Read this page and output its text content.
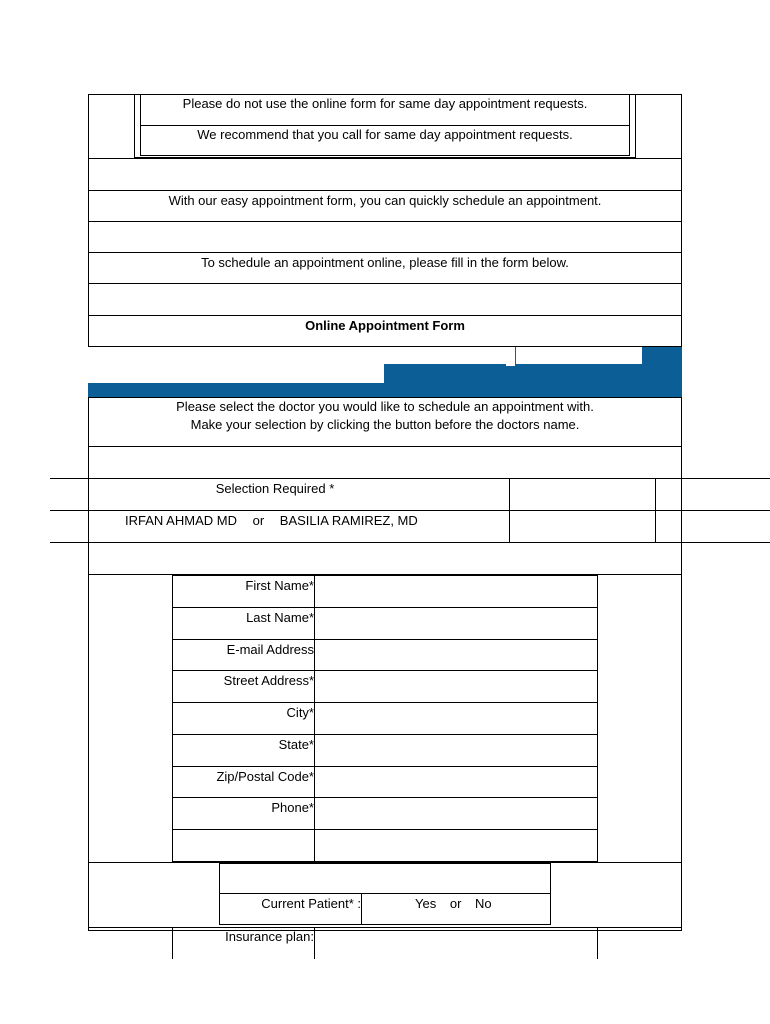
Please do not use the online form for same day appointment requests.
We recommend that you call for same day appointment requests.
With our easy appointment form, you can quickly schedule an appointment.
To schedule an appointment online, please fill in the form below.
Online Appointment Form
Please select the doctor you would like to schedule an appointment with.
Make your selection by clicking the button before the doctors name.
Selection Required *
IRFAN AHMAD MD or BASILIA RAMIREZ, MD
First Name*
Last Name*
E-mail Address
Street Address*
City*
State*
Zip/Postal Code*
Phone*
Current Patient* :	Yes or No
Insurance plan:
